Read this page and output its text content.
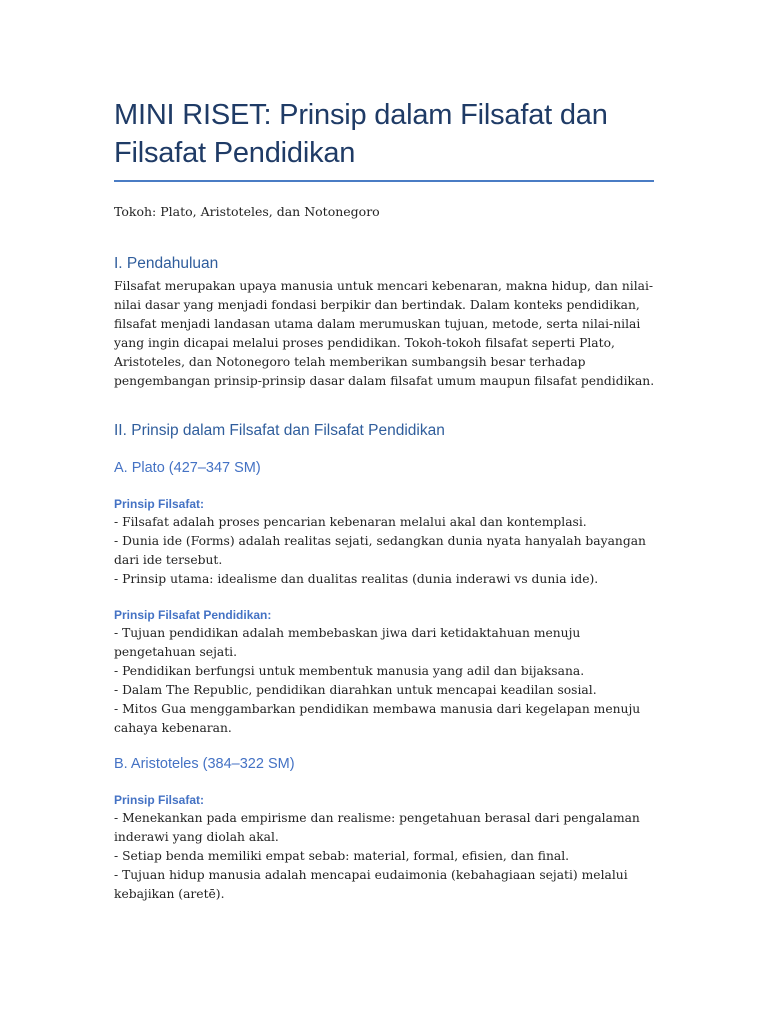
MINI RISET: Prinsip dalam Filsafat dan Filsafat Pendidikan
Tokoh: Plato, Aristoteles, dan Notonegoro
I. Pendahuluan

Filsafat merupakan upaya manusia untuk mencari kebenaran, makna hidup, dan nilai-nilai dasar yang menjadi fondasi berpikir dan bertindak. Dalam konteks pendidikan, filsafat menjadi landasan utama dalam merumuskan tujuan, metode, serta nilai-nilai yang ingin dicapai melalui proses pendidikan. Tokoh-tokoh filsafat seperti Plato, Aristoteles, dan Notonegoro telah memberikan sumbangsih besar terhadap pengembangan prinsip-prinsip dasar dalam filsafat umum maupun filsafat pendidikan.

II. Prinsip dalam Filsafat dan Filsafat Pendidikan
A. Plato (427–347 SM)
Prinsip Filsafat:
- Filsafat adalah proses pencarian kebenaran melalui akal dan kontemplasi.
- Dunia ide (Forms) adalah realitas sejati, sedangkan dunia nyata hanyalah bayangan dari ide tersebut.
- Prinsip utama: idealisme dan dualitas realitas (dunia inderawi vs dunia ide).
Prinsip Filsafat Pendidikan:
- Tujuan pendidikan adalah membebaskan jiwa dari ketidaktahuan menuju pengetahuan sejati.
- Pendidikan berfungsi untuk membentuk manusia yang adil dan bijaksana.
- Dalam The Republic, pendidikan diarahkan untuk mencapai keadilan sosial.
- Mitos Gua menggambarkan pendidikan membawa manusia dari kegelapan menuju cahaya kebenaran.
B. Aristoteles (384–322 SM)
Prinsip Filsafat:
- Menekankan pada empirisme dan realisme: pengetahuan berasal dari pengalaman inderawi yang diolah akal.
- Setiap benda memiliki empat sebab: material, formal, efisien, dan final.
- Tujuan hidup manusia adalah mencapai eudaimonia (kebahagiaan sejati) melalui kebajikan (aretē).
